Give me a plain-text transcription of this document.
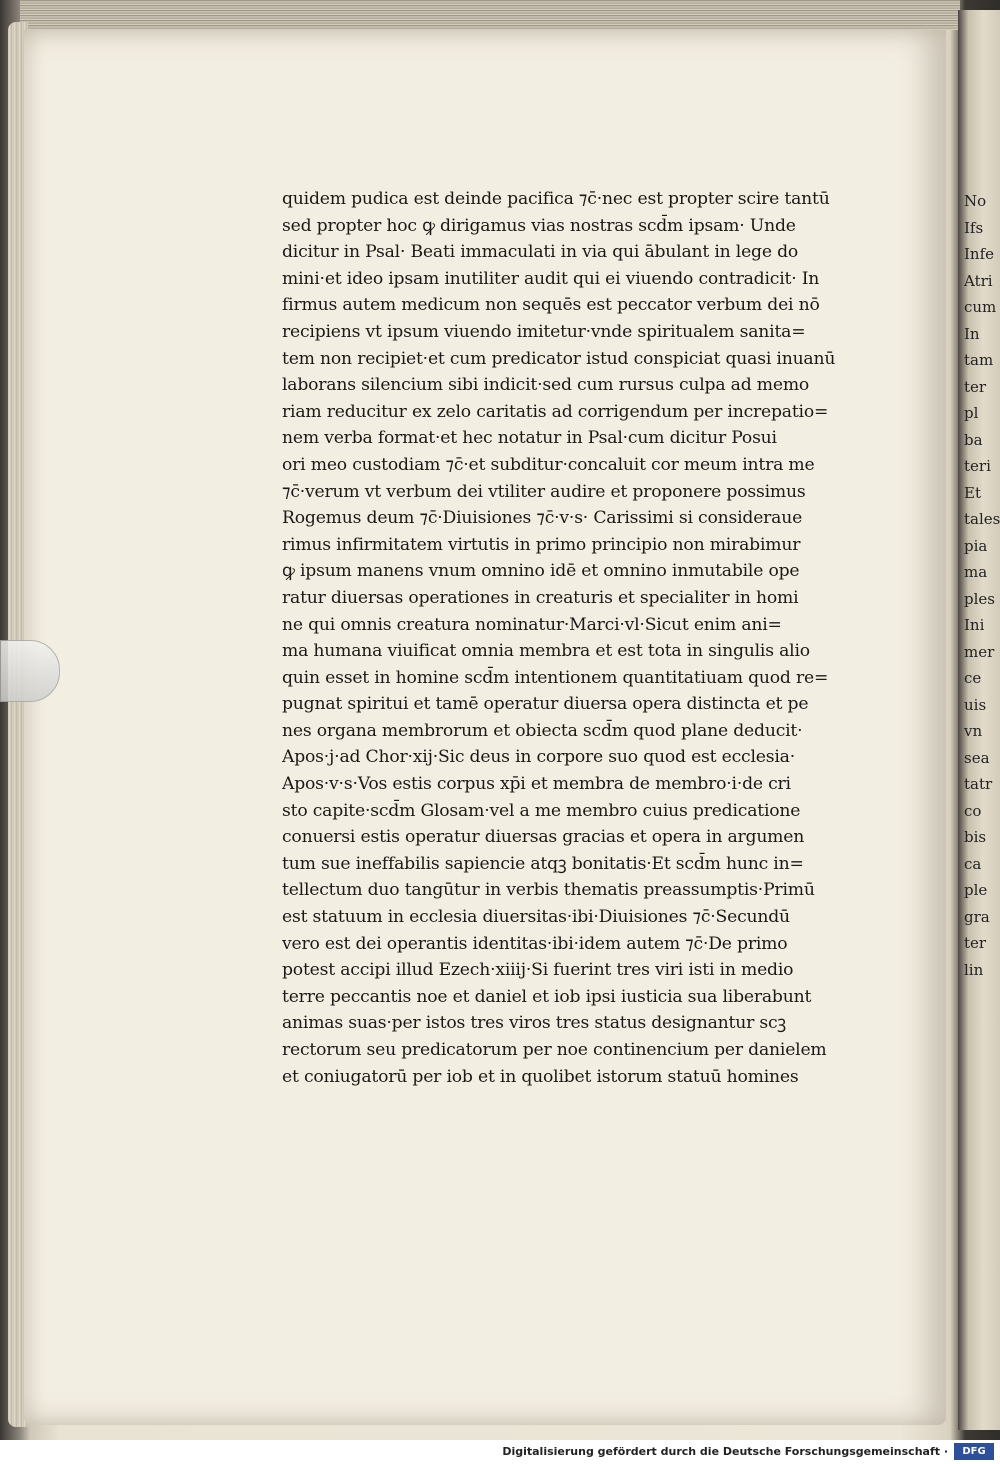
quidem pudica est deinde pacifica ⁊c̄·nec est propter scire tantū
sed propter hoc ꝙ dirigamus vias nostras scd̄m ipsam· Unde
dicitur in Psal· Beati immaculati in via qui ābulant in lege do
mini·et ideo ipsam inutiliter audit qui ei viuendo contradicit· In
firmus autem medicum non sequēs est peccator verbum dei nō
recipiens vt ipsum viuendo imitetur·vnde spiritualem sanita=
tem non recipiet·et cum predicator istud conspiciat quasi inuanū
laborans silencium sibi indicit·sed cum rursus culpa ad memo
riam reducitur ex zelo caritatis ad corrigendum per increpatio=
nem verba format·et hec notatur in Psal·cum dicitur Posui
ori meo custodiam ⁊c̄·et subditur·concaluit cor meum intra me
⁊c̄·verum vt verbum dei vtiliter audire et proponere possimus
Rogemus deum ⁊c̄·Diuisiones ⁊c̄·v·s· Carissimi si consideraue
rimus infirmitatem virtutis in primo principio non mirabimur
ꝙ ipsum manens vnum omnino idē et omnino inmutabile ope
ratur diuersas operationes in creaturis et specialiter in homi
ne qui omnis creatura nominatur·Marci·vl·Sicut enim ani=
ma humana viuificat omnia membra et est tota in singulis alio
quin esset in homine scd̄m intentionem quantitatiuam quod re=
pugnat spiritui et tamē operatur diuersa opera distincta et pe
nes organa membrorum et obiecta scd̄m quod plane deducit·
Apos·j·ad Chor·xij·Sic deus in corpore suo quod est ecclesia·
Apos·v·s·Vos estis corpus xp̄i et membra de membro·i·de cri
sto capite·scd̄m Glosam·vel a me membro cuius predicatione
conuersi estis operatur diuersas gracias et opera in argumen
tum sue ineffabilis sapiencie atqꝫ bonitatis·Et scd̄m hunc in=
tellectum duo tangūtur in verbis thematis preassumptis·Primū
est statuum in ecclesia diuersitas·ibi·Diuisiones ⁊c̄·Secundū
vero est dei operantis identitas·ibi·idem autem ⁊c̄·De primo
potest accipi illud Ezech·xiiij·Si fuerint tres viri isti in medio
terre peccantis noe et daniel et iob ipsi iusticia sua liberabunt
animas suas·per istos tres viros tres status designantur scꝫ
rectorum seu predicatorum per noe continencium per danielem
et coniugatorū per iob et in quolibet istorum statuū homines
No
Ifs
Infe
Atri
cum
In
tam
ter
pl
ba
teri
Et
tales
pia
ma
ples
Ini
mer
ce
uis
vn
sea
tatr
co
bis
ca
ple
gra
ter
lin
Digitalisierung gefördert durch die Deutsche Forschungsgemeinschaft ·	DFG
